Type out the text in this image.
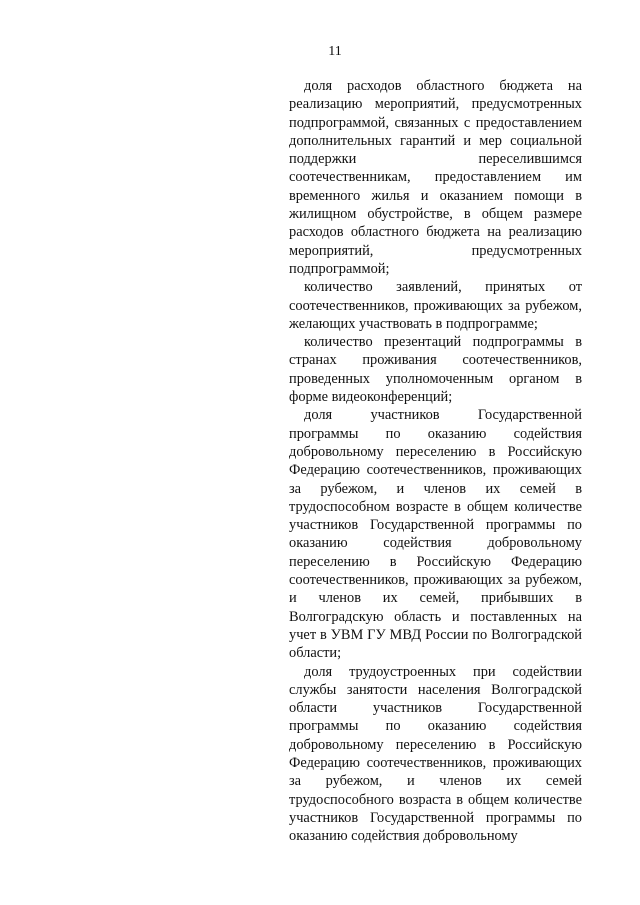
11

доля расходов областного бюджета на реализацию мероприятий, предусмотренных подпрограммой, связанных с предоставлением дополнительных гарантий и мер социальной поддержки переселившимся соотечественникам, предоставлением им временного жилья и оказанием помощи в жилищном обустройстве, в общем размере расходов областного бюджета на реализацию мероприятий, предусмотренных подпрограммой;

количество заявлений, принятых от соотечественников, проживающих за рубежом, желающих участвовать в подпрограмме;

количество презентаций подпрограммы в странах проживания соотечественников, проведенных уполномоченным органом в форме видеоконференций;

доля участников Государственной программы по оказанию содействия добровольному переселению в Российскую Федерацию соотечественников, проживающих за рубежом, и членов их семей в трудоспособном возрасте в общем количестве участников Государственной программы по оказанию содействия добровольному переселению в Российскую Федерацию соотечественников, проживающих за рубежом, и членов их семей, прибывших в Волгоградскую область и поставленных на учет в УВМ ГУ МВД России по Волгоградской области;

доля трудоустроенных при содействии службы занятости населения Волгоградской области участников Государственной программы по оказанию содействия добровольному переселению в Российскую Федерацию соотечественников, проживающих за рубежом, и членов их семей трудоспособного возраста в общем количестве участников Государственной программы по оказанию содействия добровольному
